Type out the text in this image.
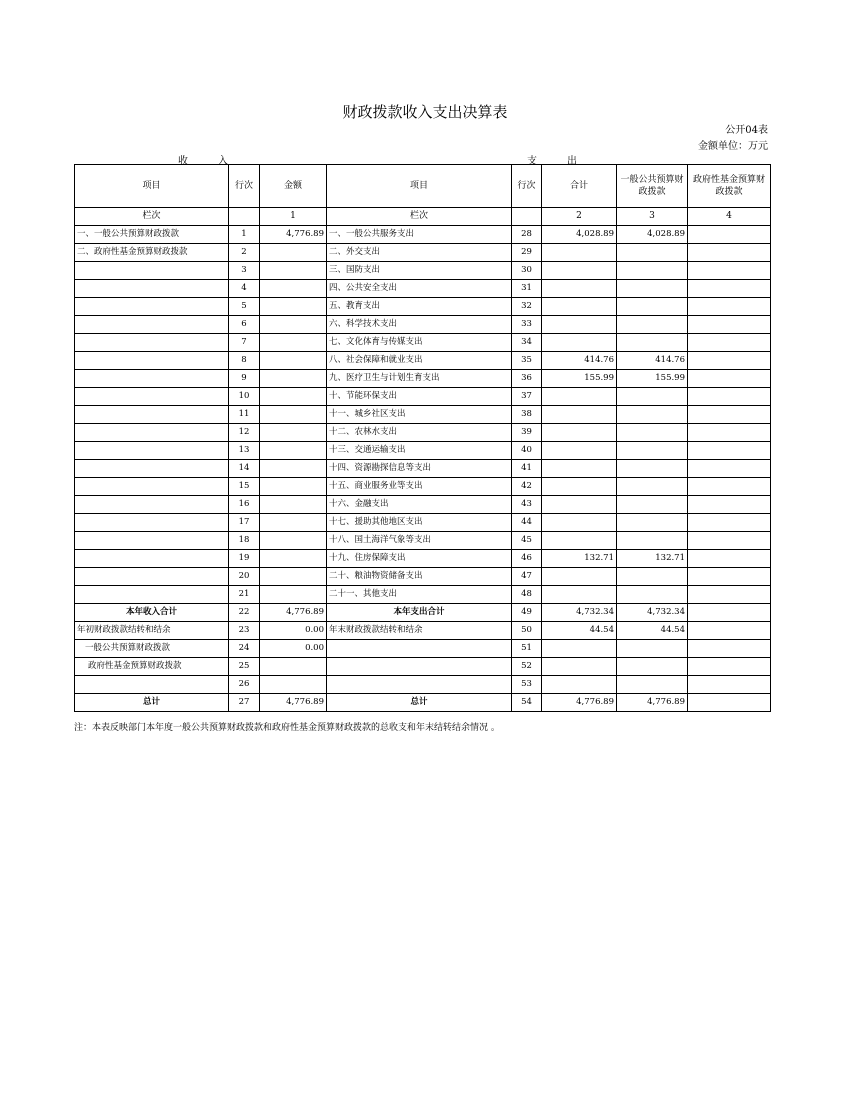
财政拨款收入支出决算表
公开04表
金额单位：万元
收	入	支	出
项目	行次	金额	项目	行次	合计	一般公共预算财政拨款	政府性基金预算财政拨款
栏次		1	栏次		2	3	4
一、一般公共预算财政拨款	1	4,776.89	一、一般公共服务支出	28	4,028.89	4,028.89	
二、政府性基金预算财政拨款	2		二、外交支出	29			
	3		三、国防支出	30			
	4		四、公共安全支出	31			
	5		五、教育支出	32			
	6		六、科学技术支出	33			
	7		七、文化体育与传媒支出	34			
	8		八、社会保障和就业支出	35	414.76	414.76	
	9		九、医疗卫生与计划生育支出	36	155.99	155.99	
	10		十、节能环保支出	37			
	11		十一、城乡社区支出	38			
	12		十二、农林水支出	39			
	13		十三、交通运输支出	40			
	14		十四、资源勘探信息等支出	41			
	15		十五、商业服务业等支出	42			
	16		十六、金融支出	43			
	17		十七、援助其他地区支出	44			
	18		十八、国土海洋气象等支出	45			
	19		十九、住房保障支出	46	132.71	132.71	
	20		二十、粮油物资储备支出	47			
	21		二十一、其他支出	48			
本年收入合计	22	4,776.89	本年支出合计	49	4,732.34	4,732.34	
年初财政拨款结转和结余	23	0.00	年末财政拨款结转和结余	50	44.54	44.54	
一般公共预算财政拨款	24	0.00		51			
政府性基金预算财政拨款	25			52			
	26			53			
总计	27	4,776.89	总计	54	4,776.89	4,776.89	
注：本表反映部门本年度一般公共预算财政拨款和政府性基金预算财政拨款的总收支和年末结转结余情况 。
